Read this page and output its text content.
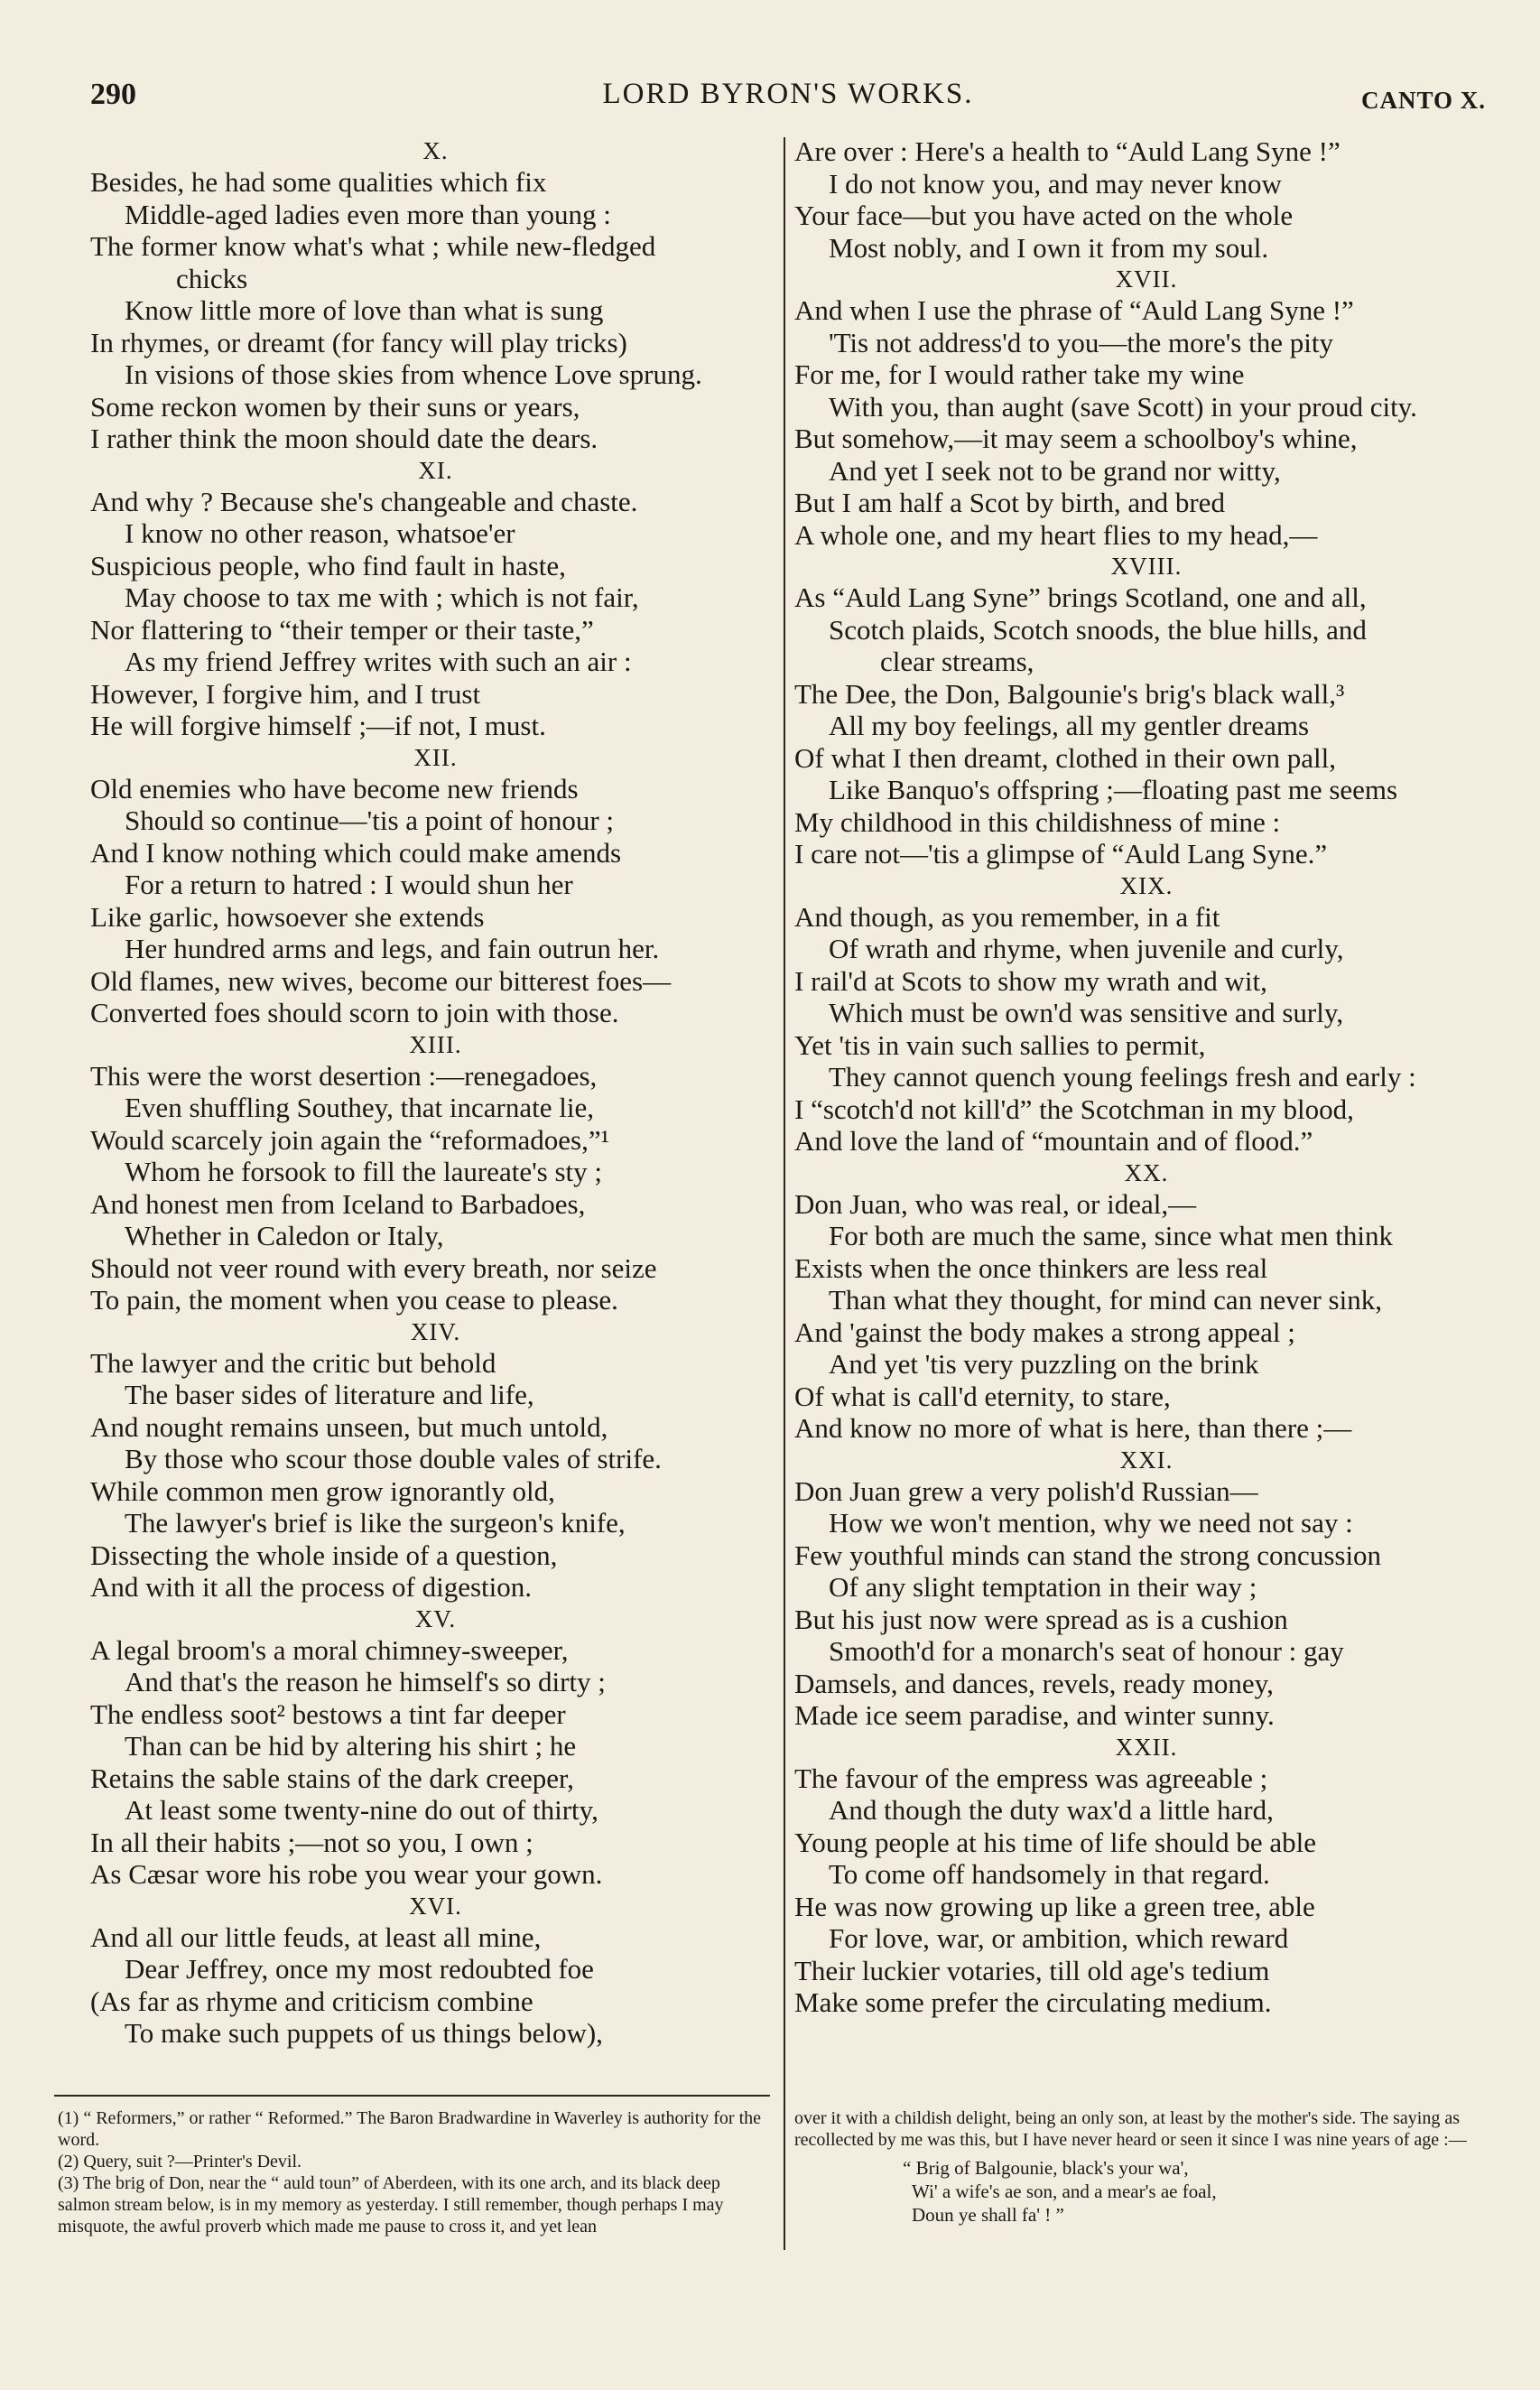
290	LORD BYRON'S WORKS.	CANTO X.
X.
Besides, he had some qualities which fix
Middle-aged ladies even more than young :
The former know what's what ; while new-fledged
chicks
Know little more of love than what is sung
In rhymes, or dreamt (for fancy will play tricks)
In visions of those skies from whence Love sprung.
Some reckon women by their suns or years,
I rather think the moon should date the dears.
XI.
And why ? Because she's changeable and chaste.
I know no other reason, whatsoe'er
Suspicious people, who find fault in haste,
May choose to tax me with ; which is not fair,
Nor flattering to “their temper or their taste,”
As my friend Jeffrey writes with such an air :
However, I forgive him, and I trust
He will forgive himself ;—if not, I must.
XII.
Old enemies who have become new friends
Should so continue—'tis a point of honour ;
And I know nothing which could make amends
For a return to hatred : I would shun her
Like garlic, howsoever she extends
Her hundred arms and legs, and fain outrun her.
Old flames, new wives, become our bitterest foes—
Converted foes should scorn to join with those.
XIII.
This were the worst desertion :—renegadoes,
Even shuffling Southey, that incarnate lie,
Would scarcely join again the “reformadoes,”¹
Whom he forsook to fill the laureate's sty ;
And honest men from Iceland to Barbadoes,
Whether in Caledon or Italy,
Should not veer round with every breath, nor seize
To pain, the moment when you cease to please.
XIV.
The lawyer and the critic but behold
The baser sides of literature and life,
And nought remains unseen, but much untold,
By those who scour those double vales of strife.
While common men grow ignorantly old,
The lawyer's brief is like the surgeon's knife,
Dissecting the whole inside of a question,
And with it all the process of digestion.
XV.
A legal broom's a moral chimney-sweeper,
And that's the reason he himself's so dirty ;
The endless soot² bestows a tint far deeper
Than can be hid by altering his shirt ; he
Retains the sable stains of the dark creeper,
At least some twenty-nine do out of thirty,
In all their habits ;—not so you, I own ;
As Cæsar wore his robe you wear your gown.
XVI.
And all our little feuds, at least all mine,
Dear Jeffrey, once my most redoubted foe
(As far as rhyme and criticism combine
To make such puppets of us things below),
Are over : Here's a health to “Auld Lang Syne !”
I do not know you, and may never know
Your face—but you have acted on the whole
Most nobly, and I own it from my soul.
XVII.
And when I use the phrase of “Auld Lang Syne !”
'Tis not address'd to you—the more's the pity
For me, for I would rather take my wine
With you, than aught (save Scott) in your proud city.
But somehow,—it may seem a schoolboy's whine,
And yet I seek not to be grand nor witty,
But I am half a Scot by birth, and bred
A whole one, and my heart flies to my head,—
XVIII.
As “Auld Lang Syne” brings Scotland, one and all,
Scotch plaids, Scotch snoods, the blue hills, and
clear streams,
The Dee, the Don, Balgounie's brig's black wall,³
All my boy feelings, all my gentler dreams
Of what I then dreamt, clothed in their own pall,
Like Banquo's offspring ;—floating past me seems
My childhood in this childishness of mine :
I care not—'tis a glimpse of “Auld Lang Syne.”
XIX.
And though, as you remember, in a fit
Of wrath and rhyme, when juvenile and curly,
I rail'd at Scots to show my wrath and wit,
Which must be own'd was sensitive and surly,
Yet 'tis in vain such sallies to permit,
They cannot quench young feelings fresh and early :
I “scotch'd not kill'd” the Scotchman in my blood,
And love the land of “mountain and of flood.”
XX.
Don Juan, who was real, or ideal,—
For both are much the same, since what men think
Exists when the once thinkers are less real
Than what they thought, for mind can never sink,
And 'gainst the body makes a strong appeal ;
And yet 'tis very puzzling on the brink
Of what is call'd eternity, to stare,
And know no more of what is here, than there ;—
XXI.
Don Juan grew a very polish'd Russian—
How we won't mention, why we need not say :
Few youthful minds can stand the strong concussion
Of any slight temptation in their way ;
But his just now were spread as is a cushion
Smooth'd for a monarch's seat of honour : gay
Damsels, and dances, revels, ready money,
Made ice seem paradise, and winter sunny.
XXII.
The favour of the empress was agreeable ;
And though the duty wax'd a little hard,
Young people at his time of life should be able
To come off handsomely in that regard.
He was now growing up like a green tree, able
For love, war, or ambition, which reward
Their luckier votaries, till old age's tedium
Make some prefer the circulating medium.

(1) “ Reformers,” or rather “ Reformed.” The Baron Bradwardine in Waverley is authority for the word.

(2) Query, suit ?—Printer's Devil.

(3) The brig of Don, near the “ auld toun” of Aberdeen, with its one arch, and its black deep salmon stream below, is in my memory as yesterday. I still remember, though perhaps I may misquote, the awful proverb which made me pause to cross it, and yet lean

over it with a childish delight, being an only son, at least by the mother's side. The saying as recollected by me was this, but I have never heard or seen it since I was nine years of age :—

“ Brig of Balgounie, black's your wa',
Wi' a wife's ae son, and a mear's ae foal,
Doun ye shall fa' ! ”
